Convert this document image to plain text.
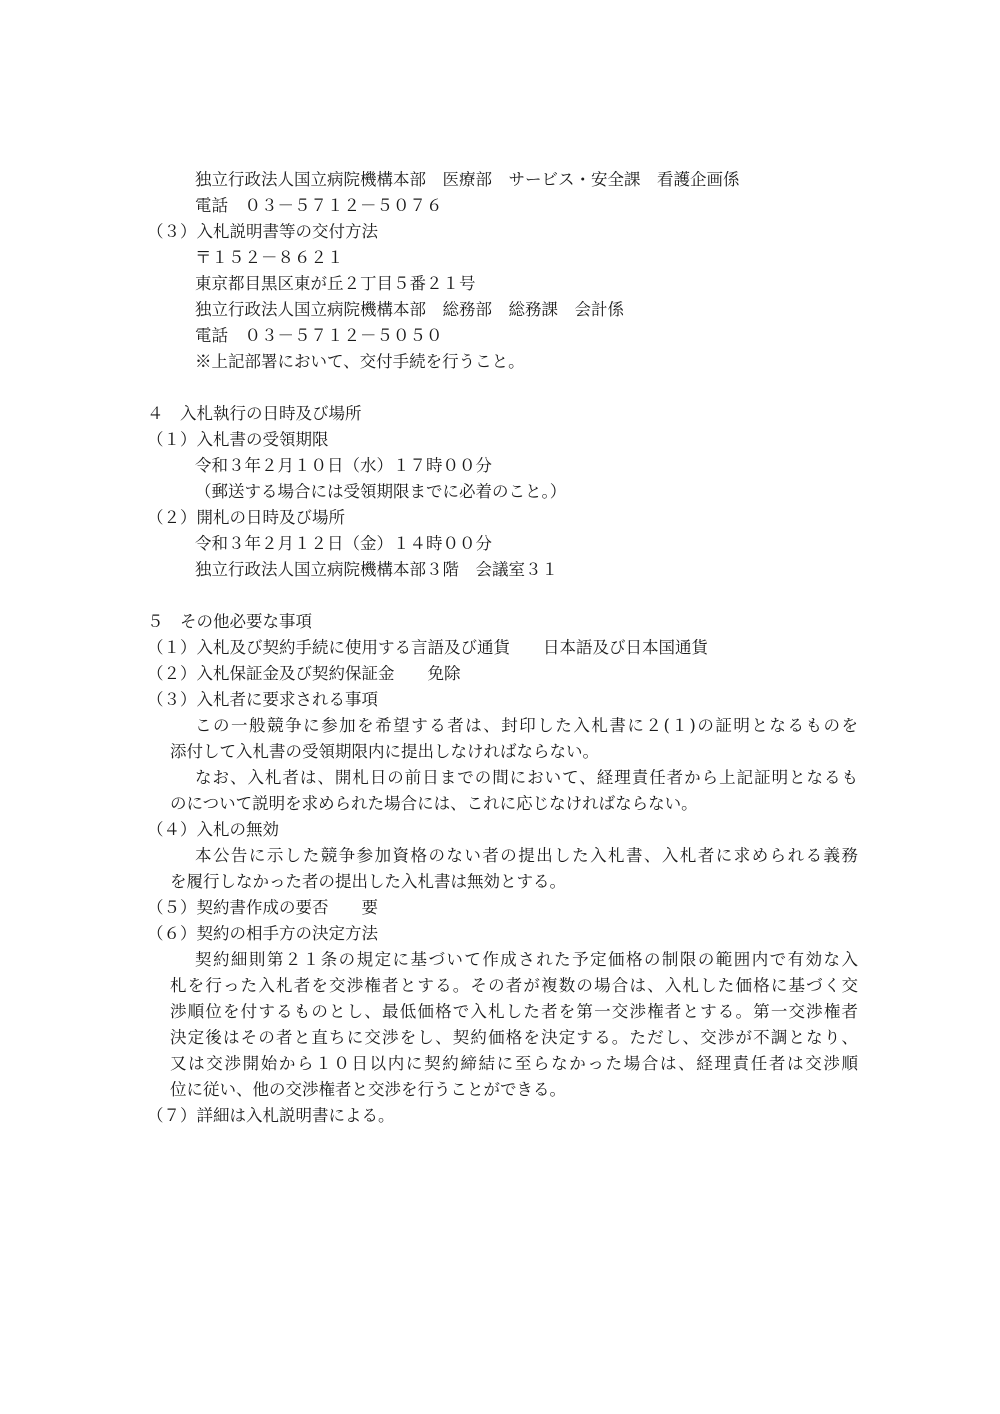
独立行政法人国立病院機構本部　医療部　サービス・安全課　看護企画係
電話　０３－５７１２－５０７６
（３）入札説明書等の交付方法
〒１５２－８６２１
東京都目黒区東が丘２丁目５番２１号
独立行政法人国立病院機構本部　総務部　総務課　会計係
電話　０３－５７１２－５０５０
※上記部署において、交付手続を行うこと。
４　入札執行の日時及び場所
（１）入札書の受領期限
令和３年２月１０日（水）１７時００分
（郵送する場合には受領期限までに必着のこと。）
（２）開札の日時及び場所
令和３年２月１２日（金）１４時００分
独立行政法人国立病院機構本部３階　会議室３１
５　その他必要な事項
（１）入札及び契約手続に使用する言語及び通貨　　日本語及び日本国通貨
（２）入札保証金及び契約保証金　　免除
（３）入札者に要求される事項
この一般競争に参加を希望する者は、封印した入札書に２(１)の証明となるものを
添付して入札書の受領期限内に提出しなければならない。
なお、入札者は、開札日の前日までの間において、経理責任者から上記証明となるも
のについて説明を求められた場合には、これに応じなければならない。
（４）入札の無効
本公告に示した競争参加資格のない者の提出した入札書、入札者に求められる義務
を履行しなかった者の提出した入札書は無効とする。
（５）契約書作成の要否　　要
（６）契約の相手方の決定方法
契約細則第２１条の規定に基づいて作成された予定価格の制限の範囲内で有効な入
札を行った入札者を交渉権者とする。その者が複数の場合は、入札した価格に基づく交
渉順位を付するものとし、最低価格で入札した者を第一交渉権者とする。第一交渉権者
決定後はその者と直ちに交渉をし、契約価格を決定する。ただし、交渉が不調となり、
又は交渉開始から１０日以内に契約締結に至らなかった場合は、経理責任者は交渉順
位に従い、他の交渉権者と交渉を行うことができる。
（７）詳細は入札説明書による。
